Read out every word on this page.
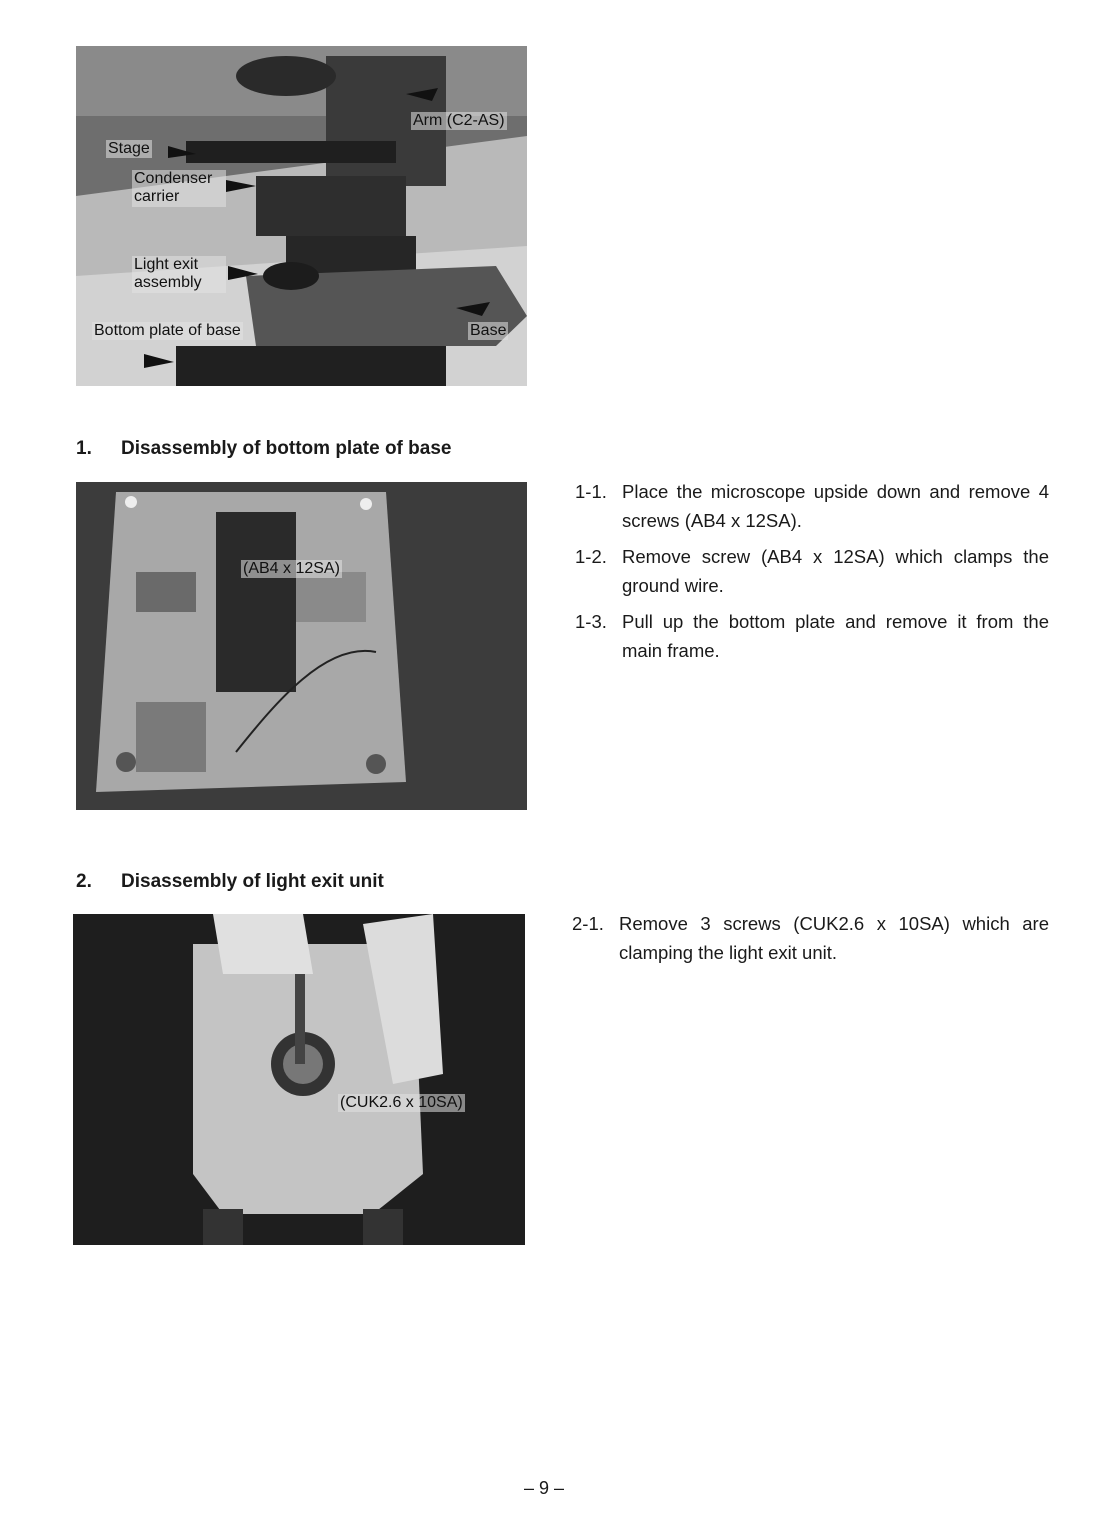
Arm (C2-AS)
Stage
Condenser carrier
Light exit assembly
Bottom plate of base	Base
1. Disassembly of bottom plate of base
(AB4 x 12SA)
1-1. Place the microscope upside down and remove 4 screws (AB4 x 12SA).
1-2. Remove screw (AB4 x 12SA) which clamps the ground wire.
1-3. Pull up the bottom plate and remove it from the main frame.
2. Disassembly of light exit unit
(CUK2.6 x 10SA)
2-1. Remove 3 screws (CUK2.6 x 10SA) which are clamping the light exit unit.
– 9 –
